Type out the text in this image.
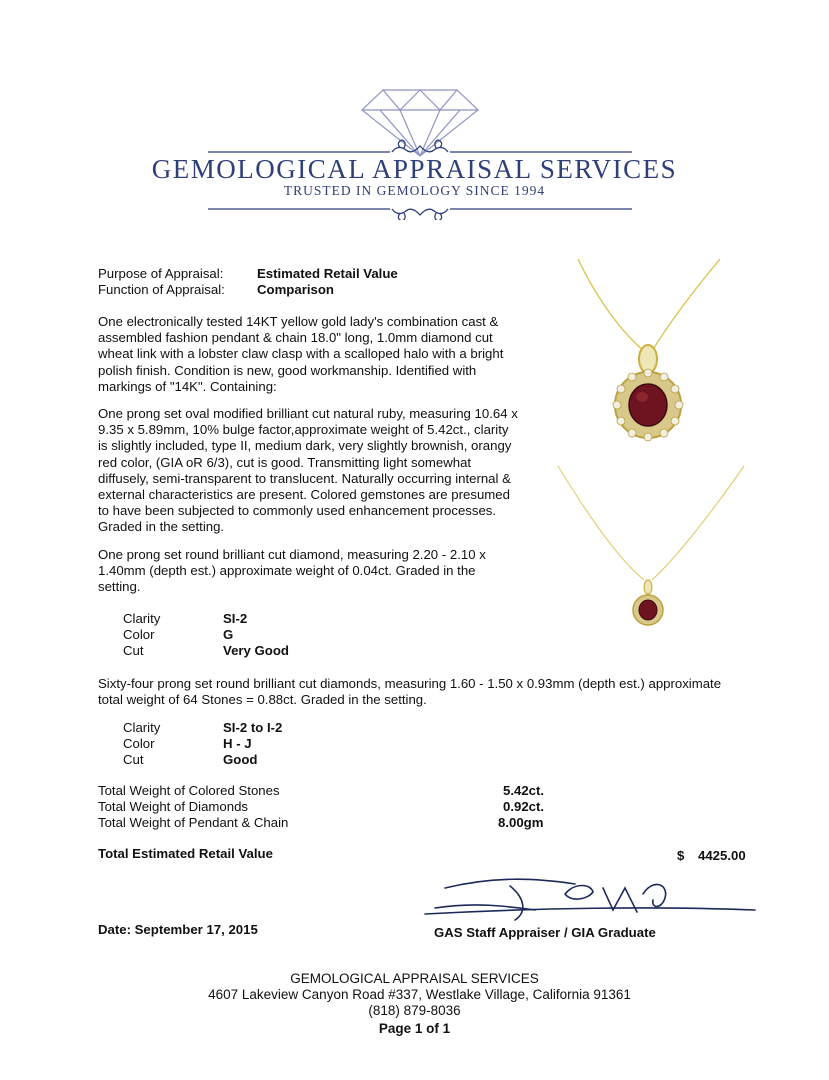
GEMOLOGICAL APPRAISAL SERVICES
TRUSTED IN GEMOLOGY SINCE 1994
Purpose of Appraisal:	Estimated Retail Value
Function of Appraisal: Comparison
One electronically tested 14KT yellow gold lady's combination cast & assembled fashion pendant & chain 18.0" long, 1.0mm diamond cut wheat link with a lobster claw clasp with a scalloped halo with a bright polish finish. Condition is new, good workmanship. Identified with markings of "14K". Containing:
One prong set oval modified brilliant cut natural ruby, measuring 10.64 x 9.35 x 5.89mm, 10% bulge factor,approximate weight of 5.42ct., clarity is slightly included, type II, medium dark, very slightly brownish, orangy red color, (GIA oR 6/3), cut is good. Transmitting light somewhat diffusely, semi-transparent to translucent. Naturally occurring internal & external characteristics are present. Colored gemstones are presumed to have been subjected to commonly used enhancement processes. Graded in the setting.
One prong set round brilliant cut diamond, measuring 2.20 - 2.10 x 1.40mm (depth est.) approximate weight of 0.04ct. Graded in the setting.
Clarity	SI-2
Color	G
Cut	Very Good
Sixty-four prong set round brilliant cut diamonds, measuring 1.60 - 1.50 x 0.93mm (depth est.) approximate total weight of 64 Stones = 0.88ct. Graded in the setting.
Clarity	SI-2 to I-2
Color	H - J
Cut	Good
Total Weight of Colored Stones	5.42ct.
Total Weight of Diamonds	0.92ct.
Total Weight of Pendant & Chain	8.00gm
Total Estimated Retail Value	$ 4425.00
Date: September 17, 2015	GAS Staff Appraiser / GIA Graduate
GEMOLOGICAL APPRAISAL SERVICES
4607 Lakeview Canyon Road #337, Westlake Village, California 91361
(818) 879-8036
Page 1 of 1
